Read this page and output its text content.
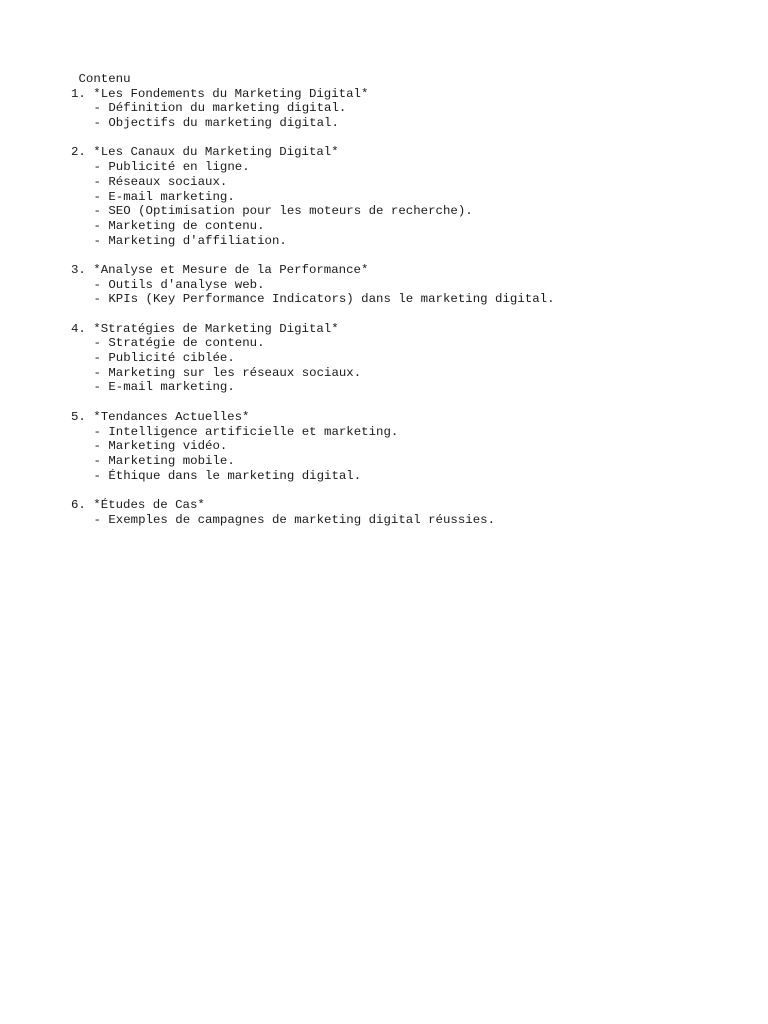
Contenu
1. *Les Fondements du Marketing Digital*
- Définition du marketing digital.
- Objectifs du marketing digital.
2. *Les Canaux du Marketing Digital*
- Publicité en ligne.
- Réseaux sociaux.
- E-mail marketing.
- SEO (Optimisation pour les moteurs de recherche).
- Marketing de contenu.
- Marketing d'affiliation.
3. *Analyse et Mesure de la Performance*
- Outils d'analyse web.
- KPIs (Key Performance Indicators) dans le marketing digital.
4. *Stratégies de Marketing Digital*
- Stratégie de contenu.
- Publicité ciblée.
- Marketing sur les réseaux sociaux.
- E-mail marketing.
5. *Tendances Actuelles*
- Intelligence artificielle et marketing.
- Marketing vidéo.
- Marketing mobile.
- Éthique dans le marketing digital.
6. *Études de Cas*
- Exemples de campagnes de marketing digital réussies.
